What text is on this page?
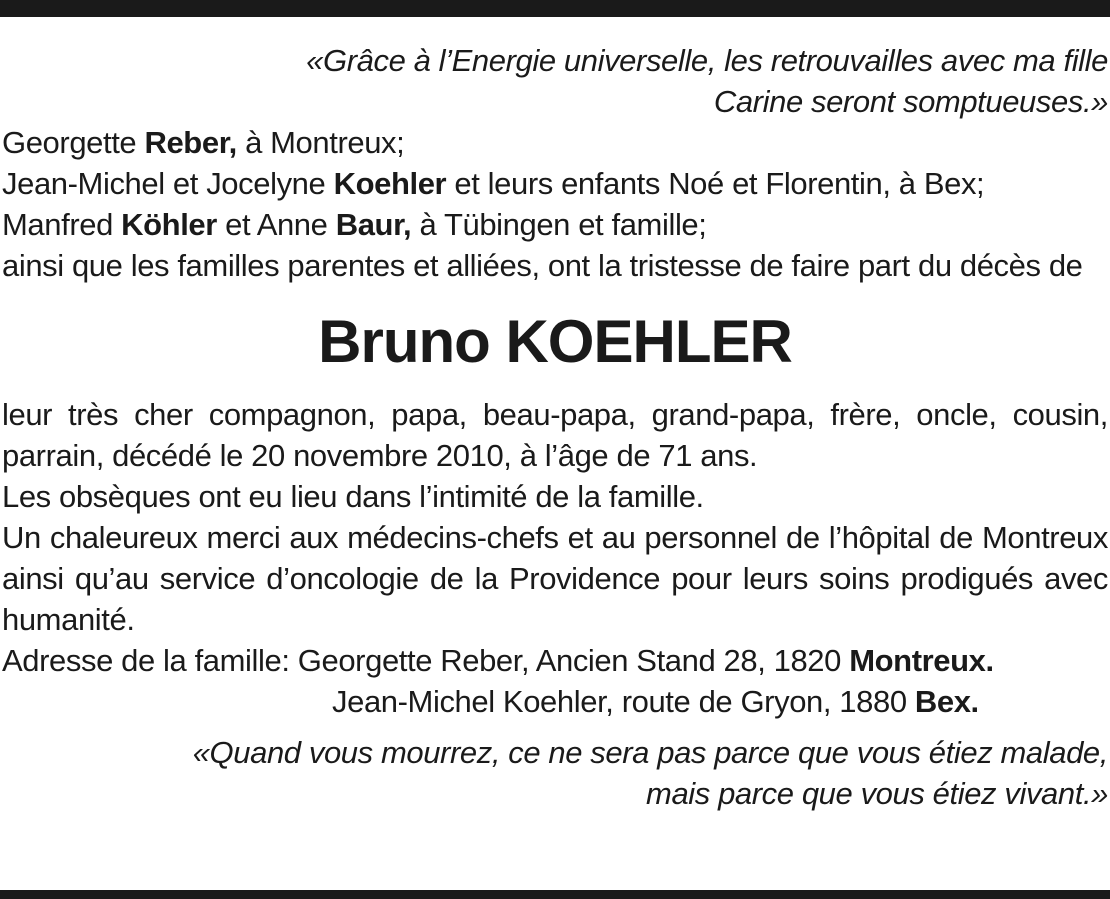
«Grâce à l’Energie universelle, les retrouvailles avec ma fille
Carine seront somptueuses.»

Georgette Reber, à Montreux;
Jean-Michel et Jocelyne Koehler et leurs enfants Noé et Florentin, à Bex;
Manfred Köhler et Anne Baur, à Tübingen et famille;

ainsi que les familles parentes et alliées, ont la tristesse de faire part du décès de

Bruno KOEHLER

leur très cher compagnon, papa, beau-papa, grand-papa, frère, oncle, cousin, parrain, décédé le 20 novembre 2010, à l’âge de 71 ans.

Les obsèques ont eu lieu dans l’intimité de la famille.

Un chaleureux merci aux médecins-chefs et au personnel de l’hôpital de Montreux ainsi qu’au service d’oncologie de la Providence pour leurs soins prodigués avec humanité.

Adresse de la famille: Georgette Reber, Ancien Stand 28, 1820 Montreux.
Jean-Michel Koehler, route de Gryon, 1880 Bex.

«Quand vous mourrez, ce ne sera pas parce que vous étiez malade,
mais parce que vous étiez vivant.»
